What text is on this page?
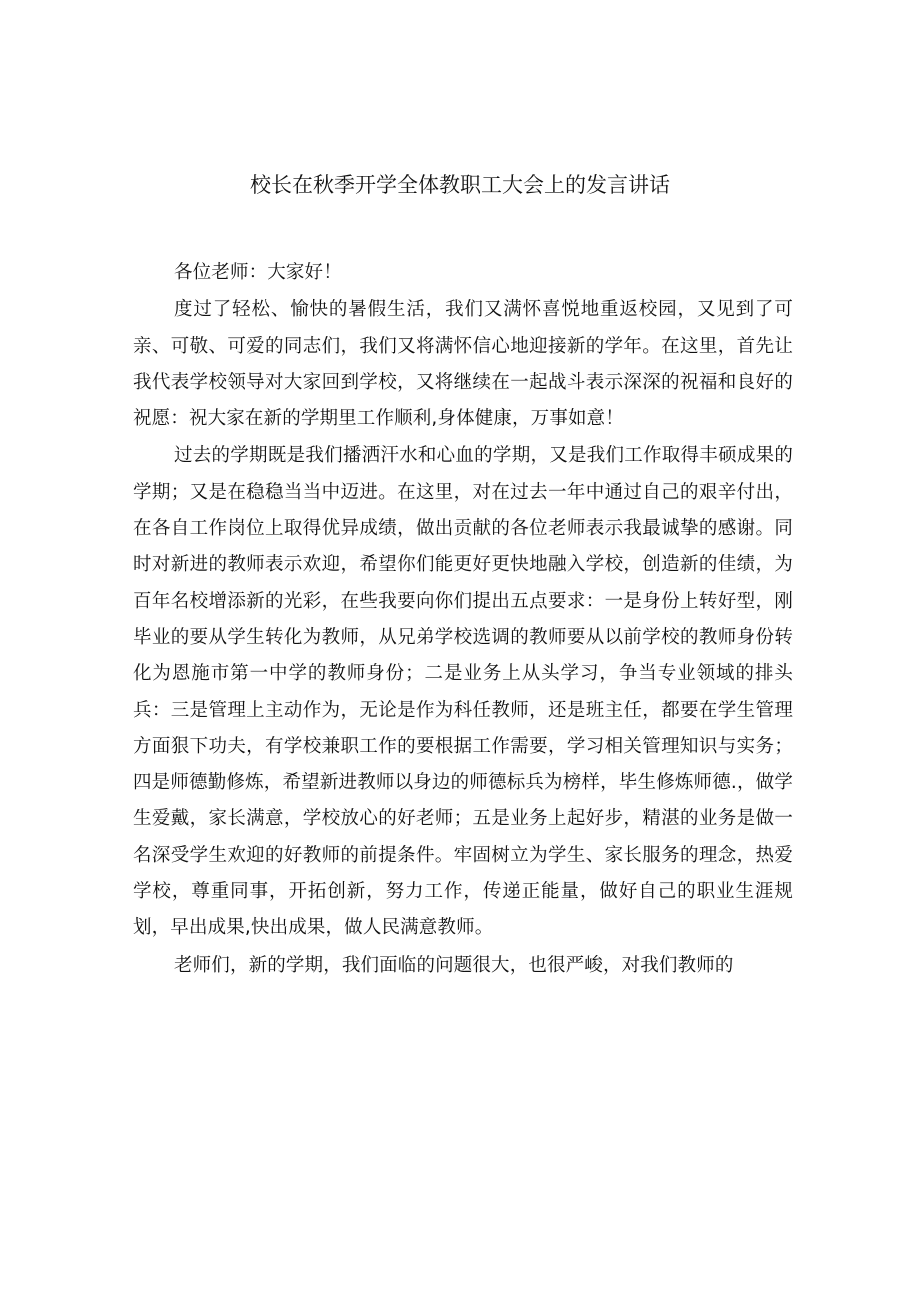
校长在秋季开学全体教职工大会上的发言讲话

各位老师：大家好！

度过了轻松、愉快的暑假生活，我们又满怀喜悦地重返校园，又见到了可亲、可敬、可爱的同志们，我们又将满怀信心地迎接新的学年。在这里，首先让我代表学校领导对大家回到学校，又将继续在一起战斗表示深深的祝福和良好的祝愿：祝大家在新的学期里工作顺利,身体健康，万事如意！

过去的学期既是我们播洒汗水和心血的学期，又是我们工作取得丰硕成果的学期；又是在稳稳当当中迈进。在这里，对在过去一年中通过自己的艰辛付出，在各自工作岗位上取得优异成绩，做出贡献的各位老师表示我最诚挚的感谢。同时对新进的教师表示欢迎，希望你们能更好更快地融入学校，创造新的佳绩，为百年名校增添新的光彩，在些我要向你们提出五点要求：一是身份上转好型，刚毕业的要从学生转化为教师，从兄弟学校选调的教师要从以前学校的教师身份转化为恩施市第一中学的教师身份；二是业务上从头学习，争当专业领域的排头兵：三是管理上主动作为，无论是作为科任教师，还是班主任，都要在学生管理方面狠下功夫，有学校兼职工作的要根据工作需要，学习相关管理知识与实务；四是师德勤修炼，希望新进教师以身边的师德标兵为榜样，毕生修炼师德.，做学生爱戴，家长满意，学校放心的好老师；五是业务上起好步，精湛的业务是做一名深受学生欢迎的好教师的前提条件。牢固树立为学生、家长服务的理念，热爱学校，尊重同事，开拓创新，努力工作，传递正能量，做好自己的职业生涯规划，早出成果,快出成果，做人民满意教师。

老师们，新的学期，我们面临的问题很大，也很严峻，对我们教师的
